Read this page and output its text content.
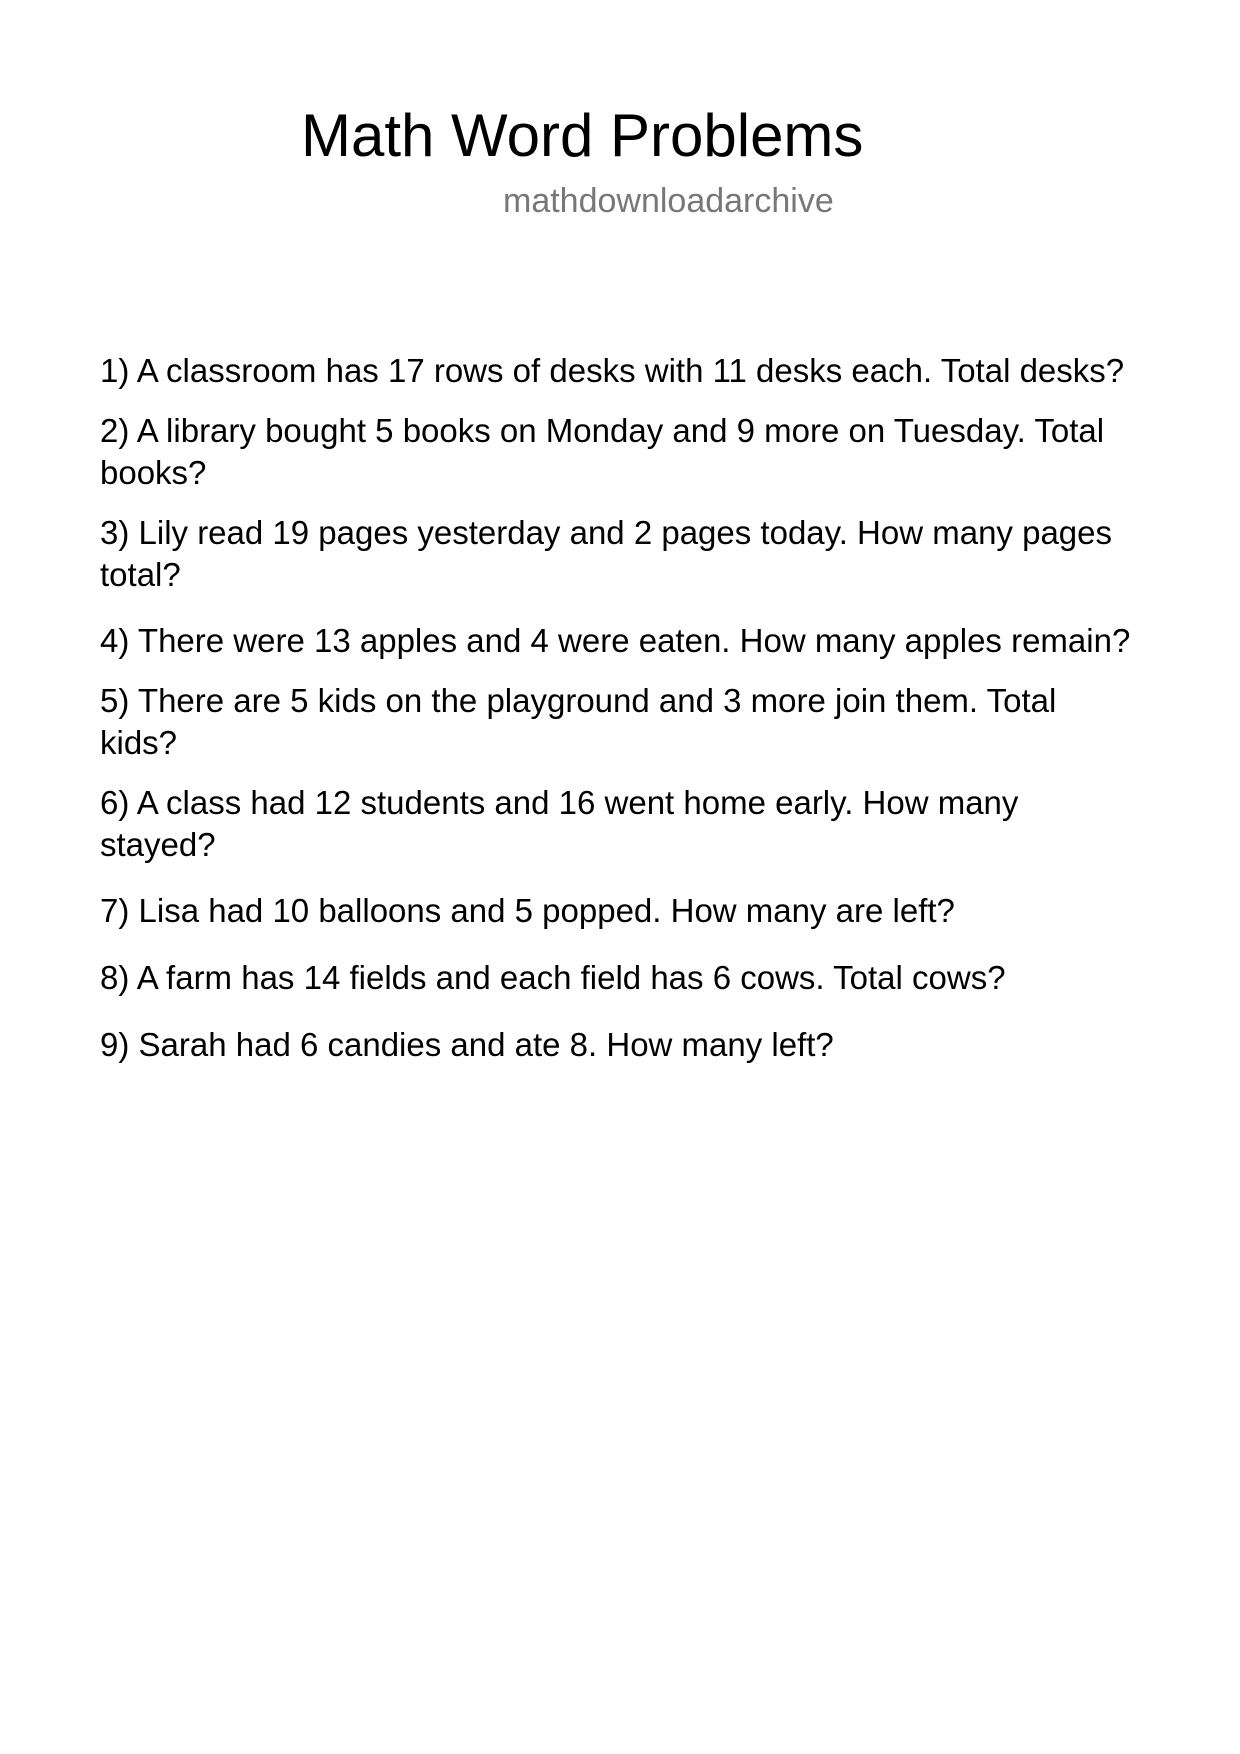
Math Word Problems
mathdownloadarchive
1) A classroom has 17 rows of desks with 11 desks each. Total desks?
2) A library bought 5 books on Monday and 9 more on Tuesday. Total books?
3) Lily read 19 pages yesterday and 2 pages today. How many pages total?
4) There were 13 apples and 4 were eaten. How many apples remain?
5) There are 5 kids on the playground and 3 more join them. Total kids?
6) A class had 12 students and 16 went home early. How many stayed?
7) Lisa had 10 balloons and 5 popped. How many are left?
8) A farm has 14 fields and each field has 6 cows. Total cows?
9) Sarah had 6 candies and ate 8. How many left?
